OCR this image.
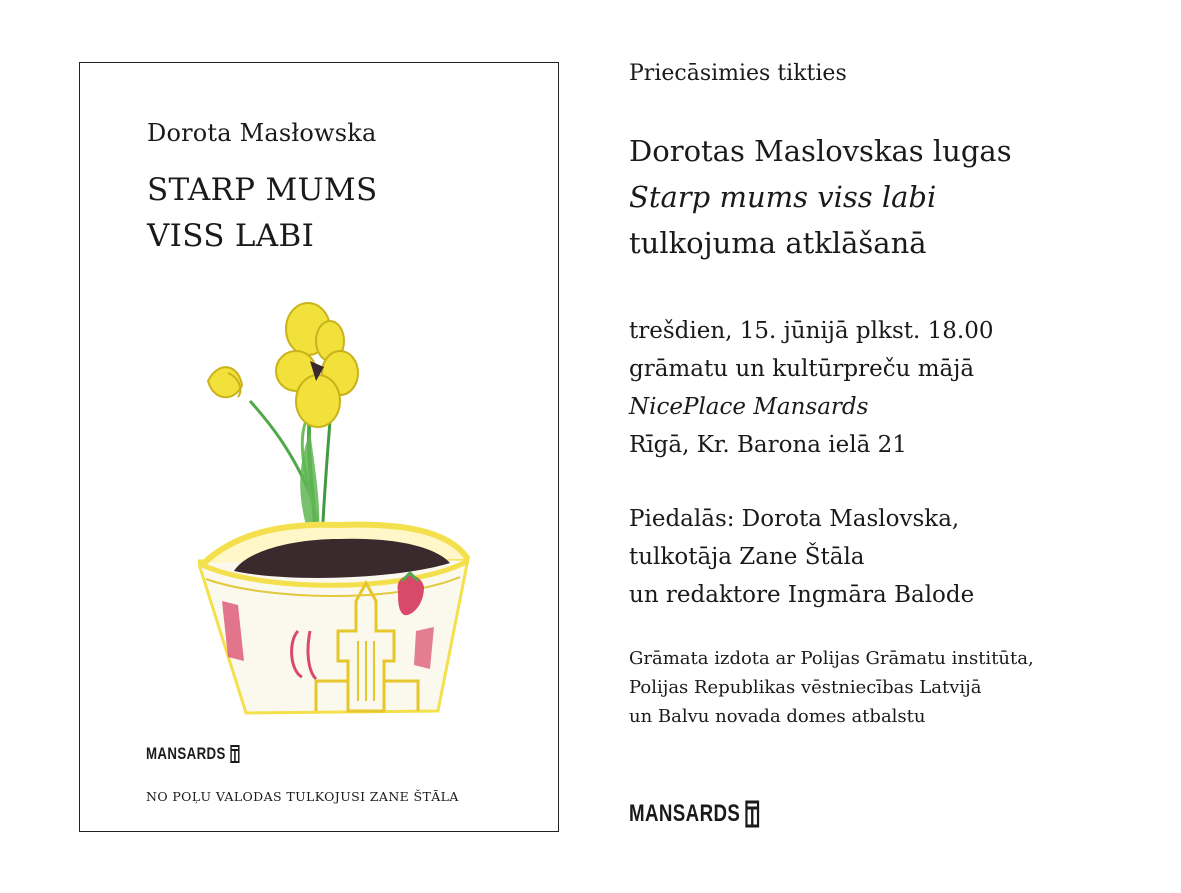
Dorota Masłowska
STARP MUMS
VISS LABI
MANSARDS
NO POĻU VALODAS TULKOJUSI ZANE ŠTĀLA

Priecāsimies tikties

Dorotas Maslovskas lugas
Starp mums viss labi
tulkojuma atklāšanā
trešdien, 15. jūnijā plkst. 18.00
grāmatu un kultūrpreču mājā
NicePlace Mansards
Rīgā, Kr. Barona ielā 21
Piedalās: Dorota Maslovska,
tulkotāja Zane Štāla
un redaktore Ingmāra Balode
Grāmata izdota ar Polijas Grāmatu institūta,
Polijas Republikas vēstniecības Latvijā
un Balvu novada domes atbalstu
MANSARDS
